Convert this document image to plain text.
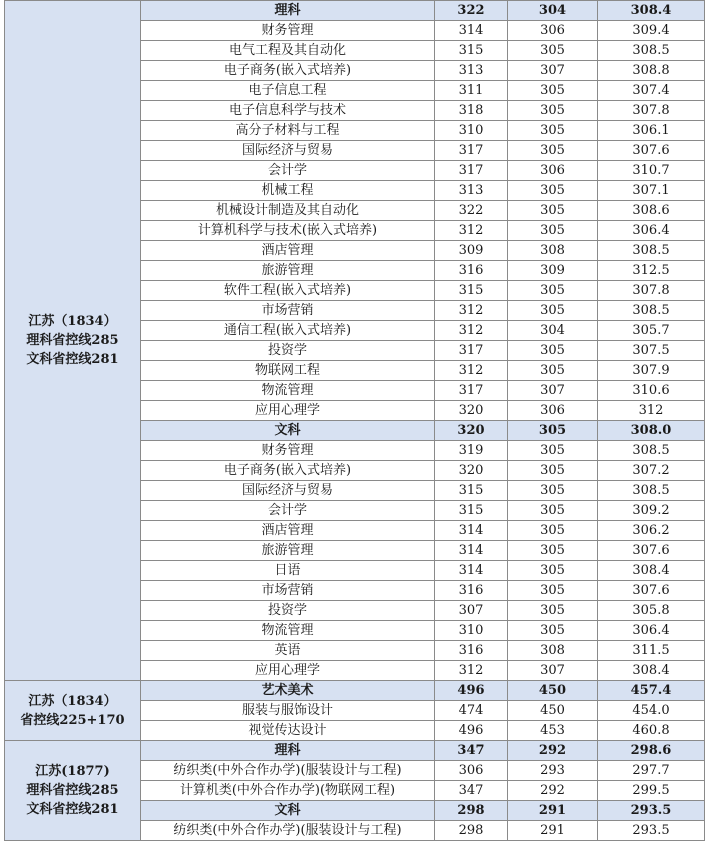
江苏（1834）
理科省控线285
文科省控线281	理科	322	304	308.4
	财务管理	314	306	309.4
	电气工程及其自动化	315	305	308.5
	电子商务(嵌入式培养)	313	307	308.8
	电子信息工程	311	305	307.4
	电子信息科学与技术	318	305	307.8
	高分子材料与工程	310	305	306.1
	国际经济与贸易	317	305	307.6
	会计学	317	306	310.7
	机械工程	313	305	307.1
	机械设计制造及其自动化	322	305	308.6
	计算机科学与技术(嵌入式培养)	312	305	306.4
	酒店管理	309	308	308.5
	旅游管理	316	309	312.5
	软件工程(嵌入式培养)	315	305	307.8
	市场营销	312	305	308.5
	通信工程(嵌入式培养)	312	304	305.7
	投资学	317	305	307.5
	物联网工程	312	305	307.9
	物流管理	317	307	310.6
	应用心理学	320	306	312
	文科	320	305	308.0
	财务管理	319	305	308.5
	电子商务(嵌入式培养)	320	305	307.2
	国际经济与贸易	315	305	308.5
	会计学	315	305	309.2
	酒店管理	314	305	306.2
	旅游管理	314	305	307.6
	日语	314	305	308.4
	市场营销	316	305	307.6
	投资学	307	305	305.8
	物流管理	310	305	306.4
	英语	316	308	311.5
	应用心理学	312	307	308.4

江苏（1834）
省控线225+170	艺术美术	496	450	457.4
	服装与服饰设计	474	450	454.0
	视觉传达设计	496	453	460.8

江苏(1877)
理科省控线285
文科省控线281	理科	347	292	298.6
	纺织类(中外合作办学)(服装设计与工程)	306	293	297.7
	计算机类(中外合作办学)(物联网工程)	347	292	299.5
	文科	298	291	293.5
	纺织类(中外合作办学)(服装设计与工程)	298	291	293.5
